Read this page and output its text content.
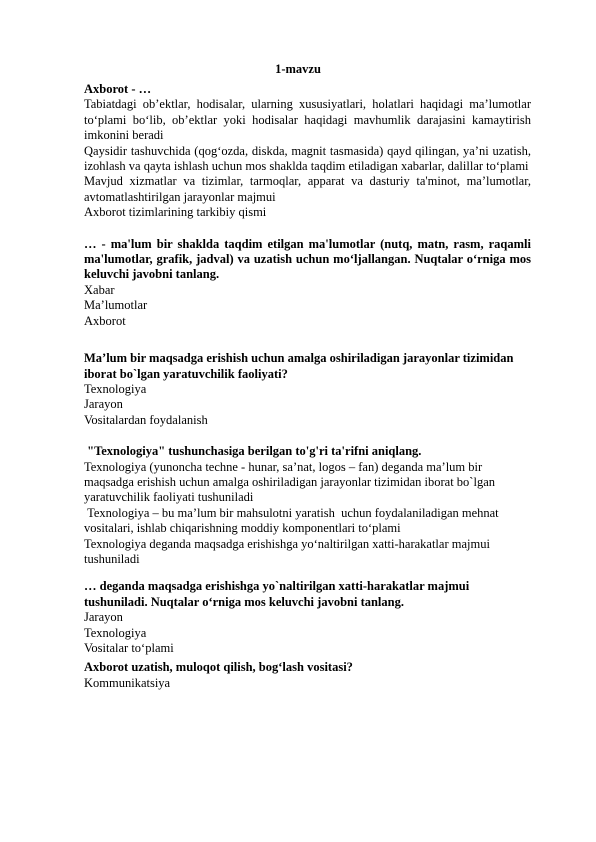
1-mavzu

Axborot - …

Tabiatdagi ob’ektlar, hodisalar, ularning xususiyatlari, holatlari haqidagi ma’lumotlar to‘plami bo‘lib, ob’ektlar yoki hodisalar haqidagi mavhumlik darajasini kamaytirish imkonini beradi

Qaysidir tashuvchida (qog‘ozda, diskda, magnit tasmasida) qayd qilingan, ya’ni uzatish, izohlash va qayta ishlash uchun mos shaklda taqdim etiladigan xabarlar, dalillar to‘plami

Mavjud xizmatlar va tizimlar, tarmoqlar, apparat va dasturiy ta'minot, ma’lumotlar, avtomatlashtirilgan jarayonlar majmui

Axborot tizimlarining tarkibiy qismi

… - ma'lum bir shaklda taqdim etilgan ma'lumotlar (nutq, matn, rasm, raqamli ma'lumotlar, grafik, jadval) va uzatish uchun mo‘ljallangan. Nuqtalar o‘rniga mos keluvchi javobni tanlang.

Xabar

Ma’lumotlar

Axborot

Ma’lum bir maqsadga erishish uchun amalga oshiriladigan jarayonlar tizimidan iborat bo`lgan yaratuvchilik faoliyati?

Texnologiya

Jarayon

Vositalardan foydalanish

"Texnologiya" tushunchasiga berilgan to'g'ri ta'rifni aniqlang.

Texnologiya (yunoncha techne - hunar, sa’nat, logos – fan) deganda ma’lum bir maqsadga erishish uchun amalga oshiriladigan jarayonlar tizimidan iborat bo`lgan yaratuvchilik faoliyati tushuniladi

Texnologiya – bu ma’lum bir mahsulotni yaratish  uchun foydalaniladigan mehnat vositalari, ishlab chiqarishning moddiy komponentlari to‘plami

Texnologiya deganda maqsadga erishishga yo‘naltirilgan xatti-harakatlar majmui tushuniladi

… deganda maqsadga erishishga yo`naltirilgan xatti-harakatlar majmui tushuniladi. Nuqtalar o‘rniga mos keluvchi javobni tanlang.

Jarayon

Texnologiya

Vositalar to‘plami

Axborot uzatish, muloqot qilish, bog‘lash vositasi?

Kommunikatsiya
